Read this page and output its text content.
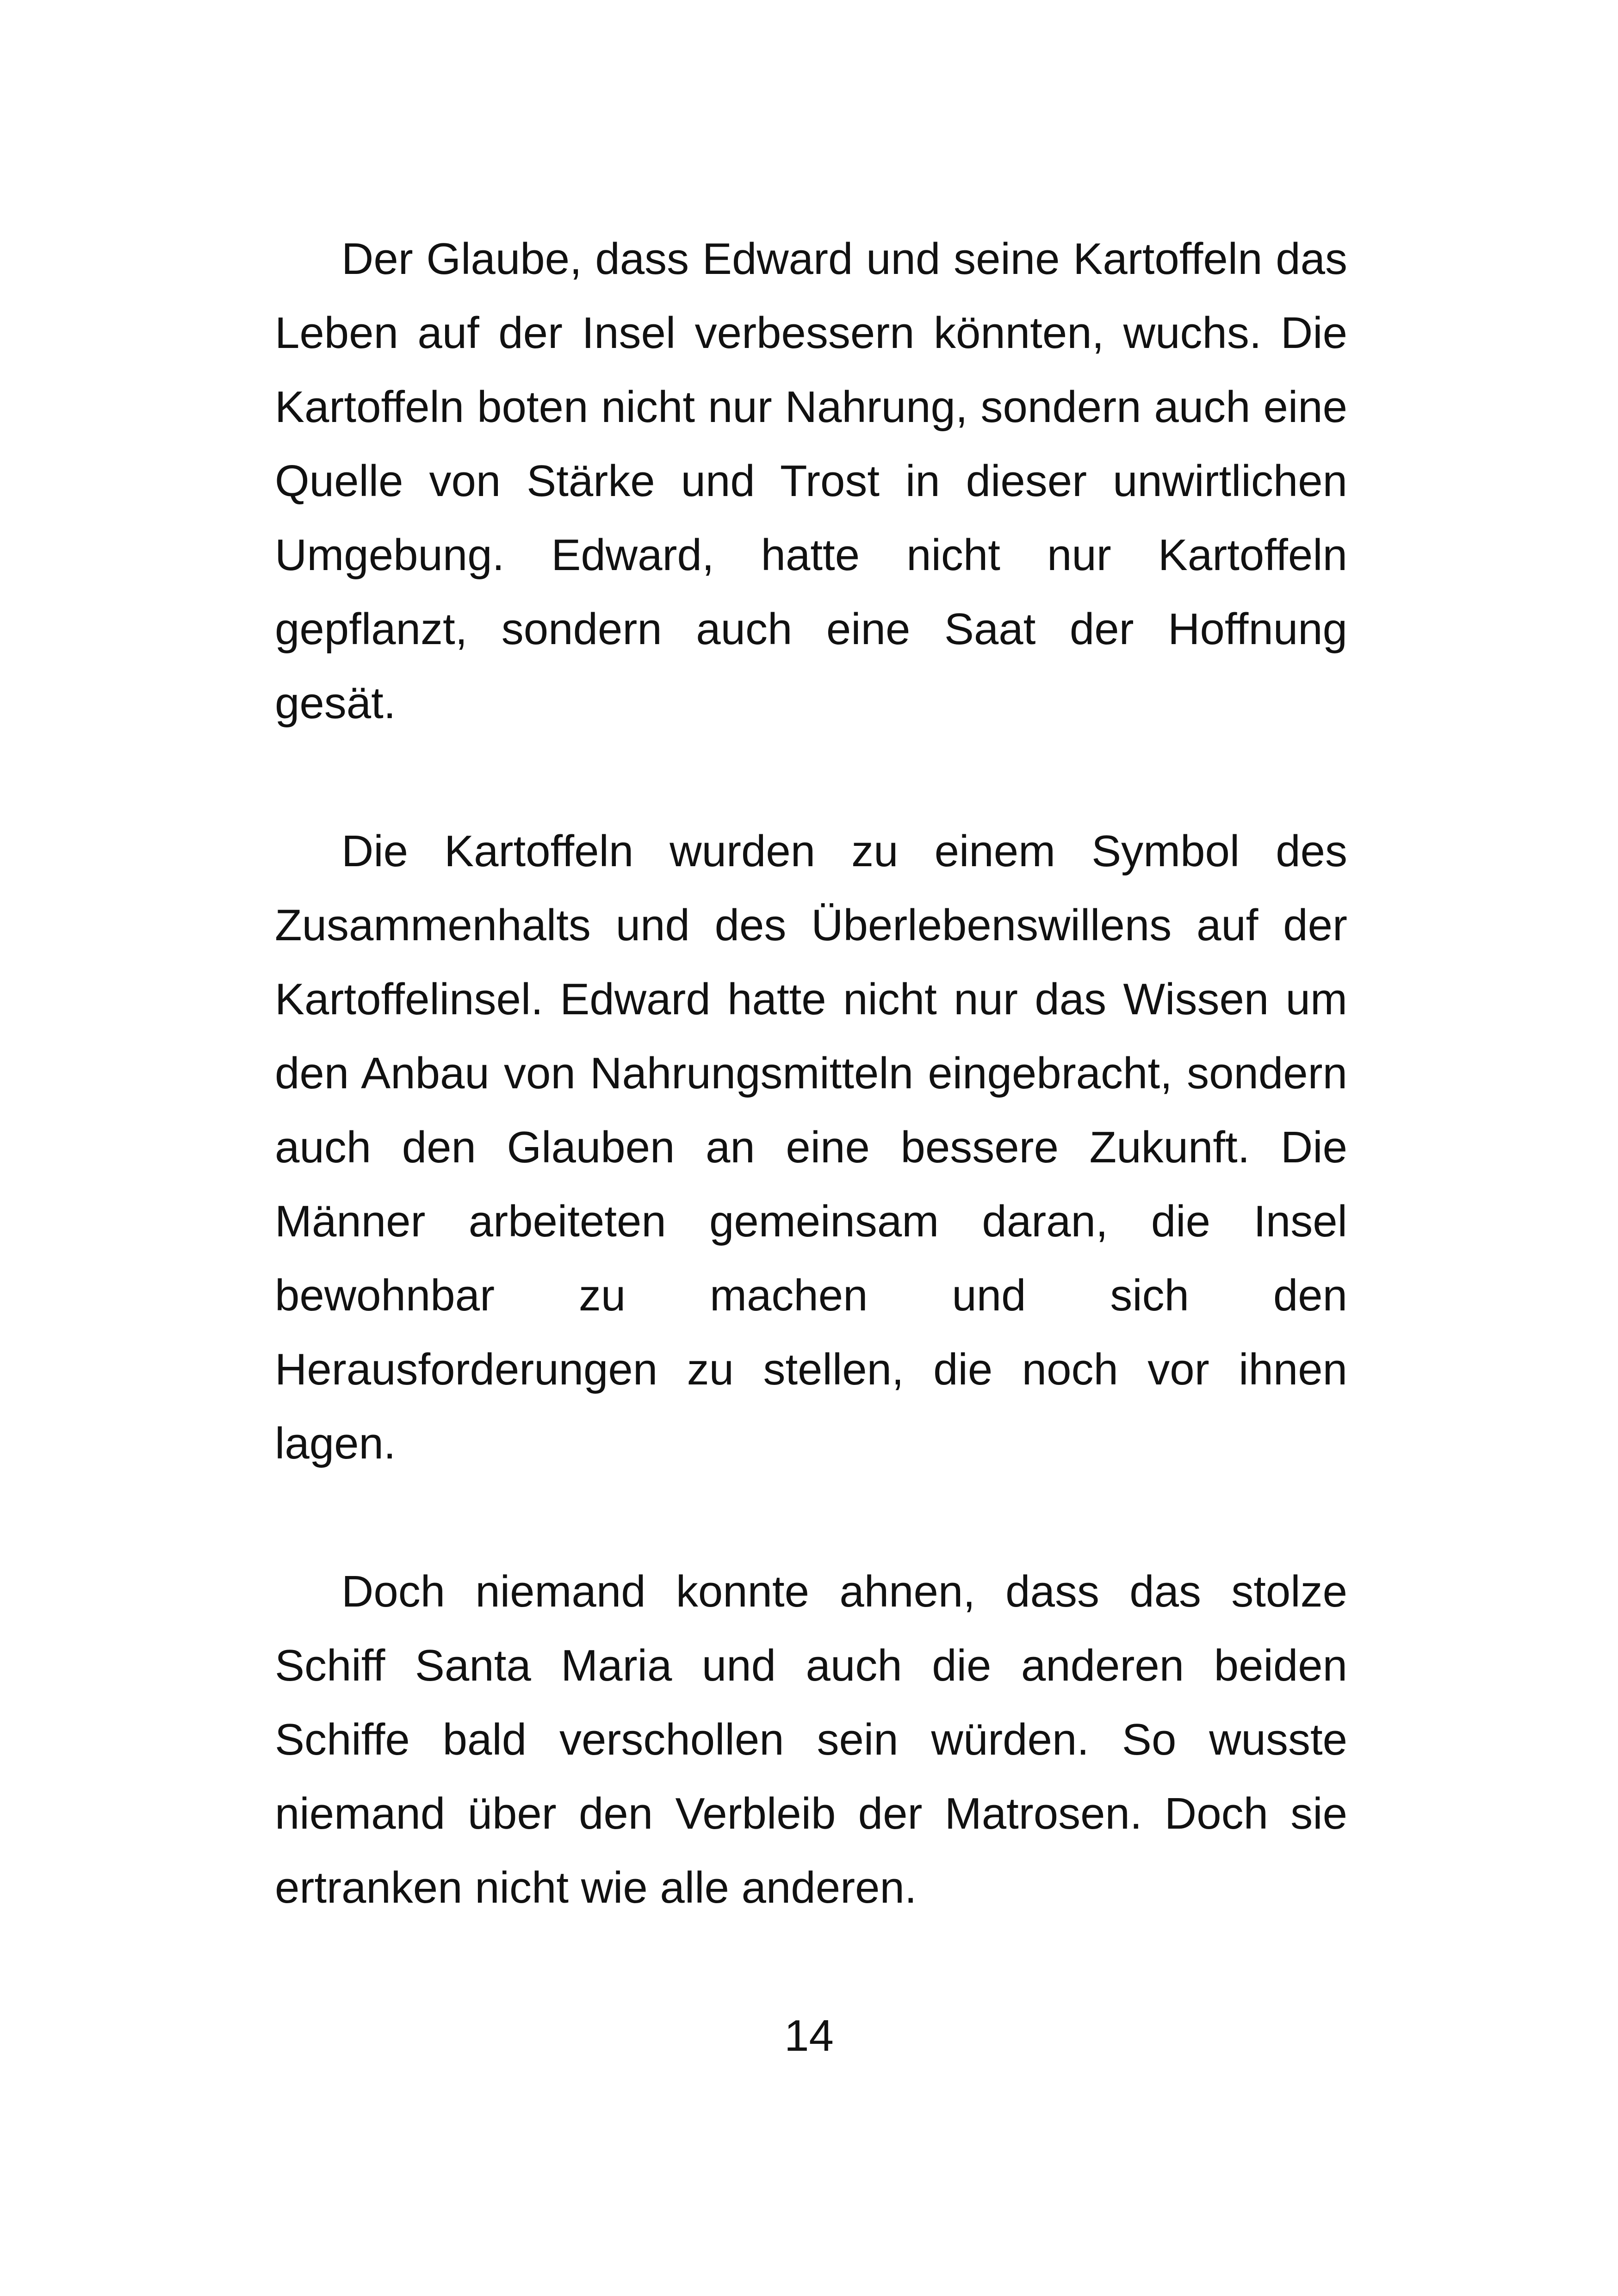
Der Glaube, dass Edward und seine Kartoffeln das Leben auf der Insel verbessern könnten, wuchs. Die Kartoffeln boten nicht nur Nahrung, sondern auch eine Quelle von Stärke und Trost in dieser unwirtlichen Umgebung. Edward, hatte nicht nur Kartoffeln gepflanzt, sondern auch eine Saat der Hoffnung gesät.

Die Kartoffeln wurden zu einem Symbol des Zusammenhalts und des Überlebenswillens auf der Kartoffelinsel. Edward hatte nicht nur das Wissen um den Anbau von Nahrungsmitteln eingebracht, sondern auch den Glauben an eine bessere Zukunft. Die Männer arbeiteten gemeinsam daran, die Insel bewohnbar zu machen und sich den Herausforderungen zu stellen, die noch vor ihnen lagen.

Doch niemand konnte ahnen, dass das stolze Schiff Santa Maria und auch die anderen beiden Schiffe bald verschollen sein würden. So wusste niemand über den Verbleib der Matrosen. Doch sie ertranken nicht wie alle anderen.

14
